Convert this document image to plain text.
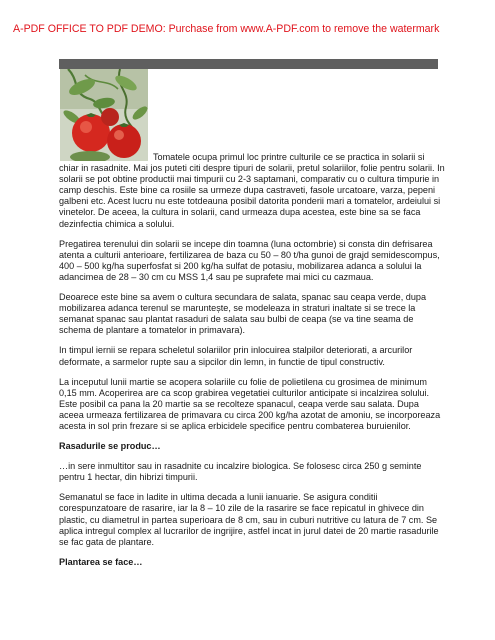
A-PDF OFFICE TO PDF DEMO: Purchase from www.A-PDF.com to remove the watermark

Tomatele ocupa primul loc printre culturile ce se practica in solarii si chiar in rasadnite. Mai jos puteti citi despre tipuri de solarii, pretul solariilor, folie pentru solarii. In solarii se pot obtine productii mai timpurii cu 2-3 saptamani, comparativ cu o cultura timpurie in camp deschis. Este bine ca rosiile sa urmeze dupa castraveti, fasole urcatoare, varza, pepeni galbeni etc. Acest lucru nu este totdeauna posibil datorita ponderii mari a tomatelor, ardeiului si vinetelor. De aceea, la cultura in solarii, cand urmeaza dupa acestea, este bine sa se faca dezinfectia chimica a solului.

Pregatirea terenului din solarii se incepe din toamna (luna octombrie) si consta din defrisarea atenta a culturii anterioare, fertilizarea de baza cu 50 – 80 t/ha gunoi de grajd semidescompus, 400 – 500 kg/ha superfosfat si 200 kg/ha sulfat de potasiu, mobilizarea adanca a solului la adancimea de 28 – 30 cm cu MSS 1,4 sau pe suprafete mai mici cu cazmaua.

Deoarece este bine sa avem o cultura secundara de salata, spanac sau ceapa verde, dupa mobilizarea adanca terenul se maruntește, se modeleaza in straturi inaltate si se trece la semanat spanac sau plantat rasaduri de salata sau bulbi de ceapa (se va tine seama de schema de plantare a tomatelor in primavara).

In timpul iernii se repara scheletul solariilor prin inlocuirea stalpilor deteriorati, a arcurilor deformate, a sarmelor rupte sau a sipcilor din lemn, in functie de tipul constructiv.

La inceputul lunii martie se acopera solariile cu folie de polietilena cu grosimea de minimum 0,15 mm. Acoperirea are ca scop grabirea vegetatiei culturilor anticipate si incalzirea solului. Este posibil ca pana la 20 martie sa se recolteze spanacul, ceapa verde sau salata. Dupa aceea urmeaza fertilizarea de primavara cu circa 200 kg/ha azotat de amoniu, se incorporeaza acesta in sol prin frezare si se aplica erbicidele specifice pentru combaterea buruienilor.

Rasadurile se produc…

…in sere inmultitor sau in rasadnite cu incalzire biologica. Se folosesc circa 250 g seminte pentru 1 hectar, din hibrizi timpurii.

Semanatul se face in ladite in ultima decada a lunii ianuarie. Se asigura conditii corespunzatoare de rasarire, iar la 8 – 10 zile de la rasarire se face repicatul in ghivece din plastic, cu diametrul in partea superioara de 8 cm, sau in cuburi nutritive cu latura de 7 cm. Se aplica intregul complex al lucrarilor de ingrijire, astfel incat in jurul datei de 20 martie rasadurile se fac gata de plantare.

Plantarea se face…
